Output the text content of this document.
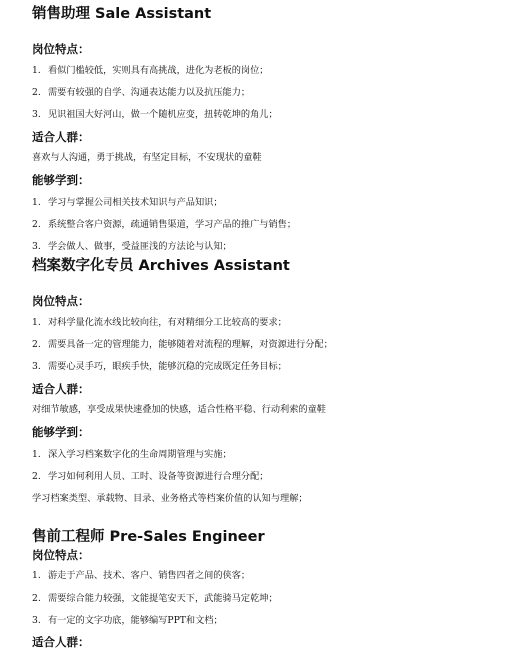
销售助理 Sale Assistant
岗位特点：
1. 看似门槛较低，实则具有高挑战，进化为老板的岗位；
2. 需要有较强的自学、沟通表达能力以及抗压能力；
3. 见识祖国大好河山，做一个随机应变，扭转乾坤的角儿；
适合人群：
喜欢与人沟通，勇于挑战，有坚定目标，不安现状的童鞋
能够学到：
1. 学习与掌握公司相关技术知识与产品知识；
2. 系统整合客户资源，疏通销售渠道，学习产品的推广与销售；
3. 学会做人、做事，受益匪浅的方法论与认知；
档案数字化专员 Archives Assistant
岗位特点：
1. 对科学量化流水线比较向往，有对精细分工比较高的要求；
2. 需要具备一定的管理能力，能够随着对流程的理解，对资源进行分配；
3. 需要心灵手巧，眼疾手快，能够沉稳的完成既定任务目标；
适合人群：
对细节敏感，享受成果快速叠加的快感，适合性格平稳、行动利索的童鞋
能够学到：
1. 深入学习档案数字化的生命周期管理与实施；
2. 学习如何利用人员、工时、设备等资源进行合理分配；
学习档案类型、承载物、目录、业务格式等档案价值的认知与理解；
售前工程师 Pre-Sales Engineer
岗位特点：
1. 游走于产品、技术、客户、销售四者之间的侠客；
2. 需要综合能力较强，文能提笔安天下，武能骑马定乾坤；
3. 有一定的文字功底，能够编写PPT和文档；
适合人群：
